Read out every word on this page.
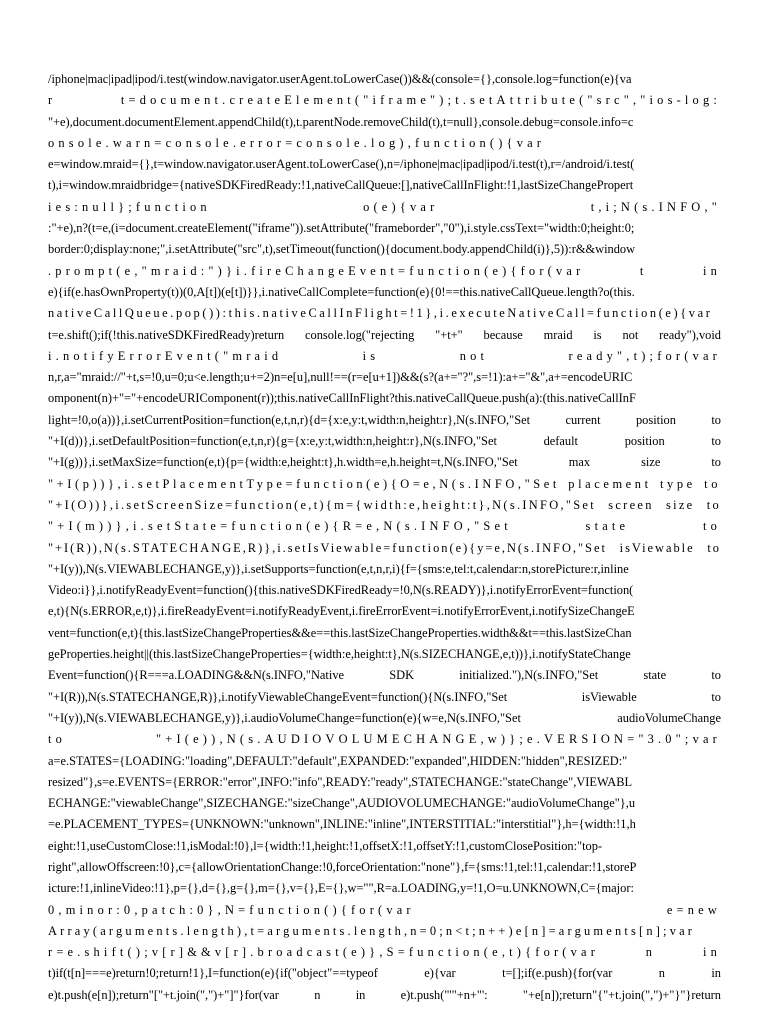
/iphone|mac|ipad|ipod/i.test(window.navigator.userAgent.toLowerCase())&&(console={},console.log=function(e){va
r t=document.createElement("iframe");t.setAttribute("src","ios-log:
"+e),document.documentElement.appendChild(t),t.parentNode.removeChild(t),t=null},console.debug=console.info=c
onsole.warn=console.error=console.log),function(){var
e=window.mraid={},t=window.navigator.userAgent.toLowerCase(),n=/iphone|mac|ipad|ipod/i.test(t),r=/android/i.test(
t),i=window.mraidbridge={nativeSDKFiredReady:!1,nativeCallQueue:[],nativeCallInFlight:!1,lastSizeChangePropert
ies:null};function o(e){var t,i;N(s.INFO,"
:"+e),n?(t=e,(i=document.createElement("iframe")).setAttribute("frameborder","0"),i.style.cssText="width:0;height:0;
border:0;display:none;",i.setAttribute("src",t),setTimeout(function(){document.body.appendChild(i)},5)):r&&window
.prompt(e,"mraid:")}i.fireChangeEvent=function(e){for(var t in
e){if(e.hasOwnProperty(t))(0,A[t])(e[t])}},i.nativeCallComplete=function(e){0!==this.nativeCallQueue.length?o(this.
nativeCallQueue.pop()):this.nativeCallInFlight=!1},i.executeNativeCall=function(e){var
t=e.shift();if(!this.nativeSDKFiredReady)return console.log("rejecting "+t+" because mraid is not ready"),void
i.notifyErrorEvent("mraid is not ready",t);for(var
n,r,a="mraid://"+t,s=!0,u=0;u<e.length;u+=2)n=e[u],null!==(r=e[u+1])&&(s?(a+="?",s=!1):a+="&",a+=encodeURIC
omponent(n)+"="+encodeURIComponent(r));this.nativeCallInFlight?this.nativeCallQueue.push(a):(this.nativeCallInF
light=!0,o(a))},i.setCurrentPosition=function(e,t,n,r){d={x:e,y:t,width:n,height:r},N(s.INFO,"Set current position to
"+I(d))},i.setDefaultPosition=function(e,t,n,r){g={x:e,y:t,width:n,height:r},N(s.INFO,"Set default position to
"+I(g))},i.setMaxSize=function(e,t){p={width:e,height:t},h.width=e,h.height=t,N(s.INFO,"Set max size to
"+I(p))},i.setPlacementType=function(e){O=e,N(s.INFO,"Set placement type to
"+I(O))},i.setScreenSize=function(e,t){m={width:e,height:t},N(s.INFO,"Set screen size to
"+I(m))},i.setState=function(e){R=e,N(s.INFO,"Set state to
"+I(R)),N(s.STATECHANGE,R)},i.setIsViewable=function(e){y=e,N(s.INFO,"Set isViewable to
"+I(y)),N(s.VIEWABLECHANGE,y)},i.setSupports=function(e,t,n,r,i){f={sms:e,tel:t,calendar:n,storePicture:r,inline
Video:i}},i.notifyReadyEvent=function(){this.nativeSDKFiredReady=!0,N(s.READY)},i.notifyErrorEvent=function(
e,t){N(s.ERROR,e,t)},i.fireReadyEvent=i.notifyReadyEvent,i.fireErrorEvent=i.notifyErrorEvent,i.notifySizeChangeE
vent=function(e,t){this.lastSizeChangeProperties&&e==this.lastSizeChangeProperties.width&&t==this.lastSizeChan
geProperties.height||(this.lastSizeChangeProperties={width:e,height:t},N(s.SIZECHANGE,e,t))},i.notifyStateChange
Event=function(){R===a.LOADING&&N(s.INFO,"Native SDK initialized."),N(s.INFO,"Set state to
"+I(R)),N(s.STATECHANGE,R)},i.notifyViewableChangeEvent=function(){N(s.INFO,"Set isViewable to
"+I(y)),N(s.VIEWABLECHANGE,y)},i.audioVolumeChange=function(e){w=e,N(s.INFO,"Set audioVolumeChange
to "+I(e)),N(s.AUDIOVOLUMECHANGE,w)};e.VERSION="3.0";var
a=e.STATES={LOADING:"loading",DEFAULT:"default",EXPANDED:"expanded",HIDDEN:"hidden",RESIZED:"
resized"},s=e.EVENTS={ERROR:"error",INFO:"info",READY:"ready",STATECHANGE:"stateChange",VIEWABL
ECHANGE:"viewableChange",SIZECHANGE:"sizeChange",AUDIOVOLUMECHANGE:"audioVolumeChange"},u
=e.PLACEMENT_TYPES={UNKNOWN:"unknown",INLINE:"inline",INTERSTITIAL:"interstitial"},h={width:!1,h
eight:!1,useCustomClose:!1,isModal:!0},l={width:!1,height:!1,offsetX:!1,offsetY:!1,customClosePosition:"top-
right",allowOffscreen:!0},c={allowOrientationChange:!0,forceOrientation:"none"},f={sms:!1,tel:!1,calendar:!1,storeP
icture:!1,inlineVideo:!1},p={},d={},g={},m={},v={},E={},w="",R=a.LOADING,y=!1,O=u.UNKNOWN,C={major:
0,minor:0,patch:0},N=function(){for(var e=new
Array(arguments.length),t=arguments.length,n=0;n<t;n++)e[n]=arguments[n];var
r=e.shift();v[r]&&v[r].broadcast(e)},S=function(e,t){for(var n in
t)if(t[n]===e)return!0;return!1},I=function(e){if("object"==typeof e){var t=[];if(e.push){for(var n in
e)t.push(e[n]);return"["+t.join(",")+"]"}for(var n in e)t.push("'"+n+"': "+e[n]);return"{"+t.join(",")+"}"}return
